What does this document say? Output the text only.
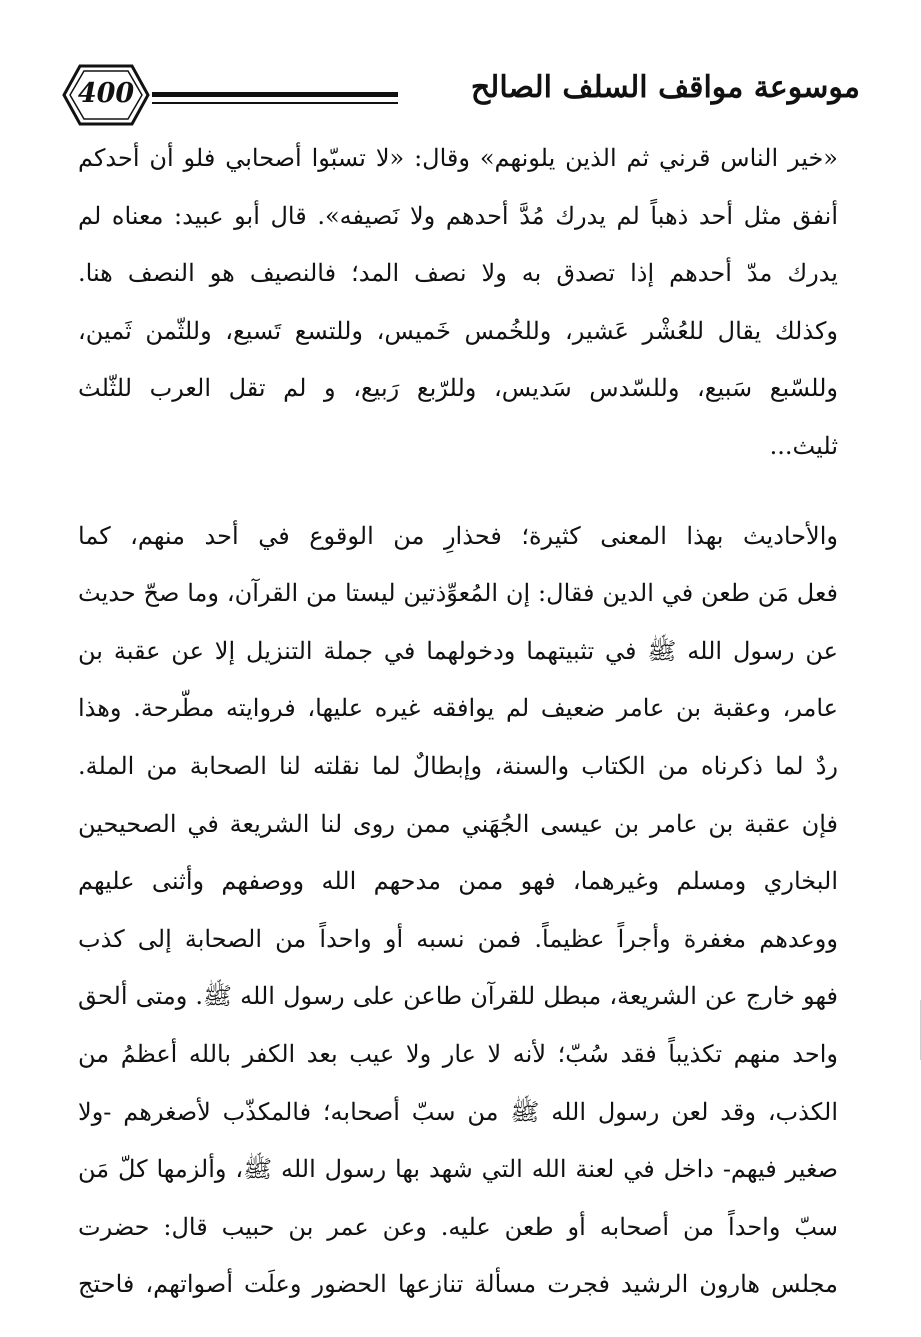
400	موسوعة مواقف السلف الصالح
«خير الناس قرني ثم الذين يلونهم» وقال: «لا تسبّوا أصحابي فلو أن أحدكم
أنفق مثل أحد ذهباً لم يدرك مُدَّ أحدهم ولا نَصيفه». قال أبو عبيد: معناه لم
يدرك مدّ أحدهم إذا تصدق به ولا نصف المد؛ فالنصيف هو النصف هنا.
وكذلك يقال للعُشْر عَشير، وللخُمس خَميس، وللتسع تَسيع، وللثّمن ثَمين،
وللسّبع سَبيع، وللسّدس سَديس، وللرّبع رَبيع، و لم تقل العرب للثّلث
ثليث...
والأحاديث بهذا المعنى كثيرة؛ فحذارِ من الوقوع في أحد منهم، كما
فعل مَن طعن في الدين فقال: إن المُعوِّذتين ليستا من القرآن، وما صحّ حديث
عن رسول الله ﷺ في تثبيتهما ودخولهما في جملة التنزيل إلا عن عقبة بن
عامر، وعقبة بن عامر ضعيف لم يوافقه غيره عليها، فروايته مطّرحة. وهذا
ردٌ لما ذكرناه من الكتاب والسنة، وإبطالٌ لما نقلته لنا الصحابة من الملة.
فإن عقبة بن عامر بن عيسى الجُهَني ممن روى لنا الشريعة في الصحيحين
البخاري ومسلم وغيرهما، فهو ممن مدحهم الله ووصفهم وأثنى عليهم
ووعدهم مغفرة وأجراً عظيماً. فمن نسبه أو واحداً من الصحابة إلى كذب
فهو خارج عن الشريعة، مبطل للقرآن طاعن على رسول الله ﷺ. ومتى ألحق
واحد منهم تكذيباً فقد سُبّ؛ لأنه لا عار ولا عيب بعد الكفر بالله أعظمُ من
الكذب، وقد لعن رسول الله ﷺ من سبّ أصحابه؛ فالمكذّب لأصغرهم -ولا
صغير فيهم- داخل في لعنة الله التي شهد بها رسول الله ﷺ، وألزمها كلّ مَن
سبّ واحداً من أصحابه أو طعن عليه. وعن عمر بن حبيب قال: حضرت
مجلس هارون الرشيد فجرت مسألة تنازعها الحضور وعلَت أصواتهم، فاحتج
